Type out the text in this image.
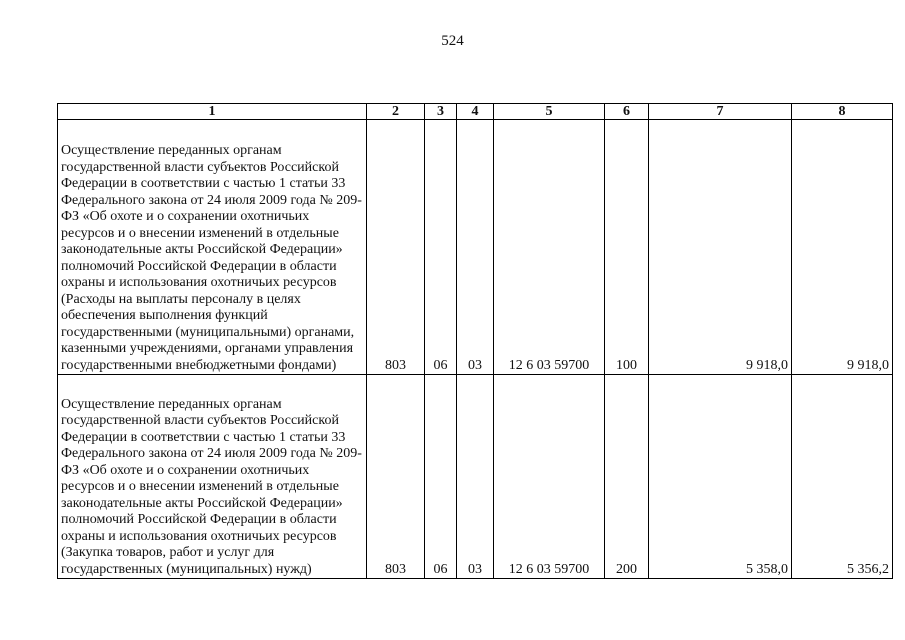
524
1	2	3	4	5	6	7	8
Осуществление переданных органам государственной власти субъектов Российской Федерации в соответствии с частью 1 статьи 33 Федерального закона от 24 июля 2009 года № 209-ФЗ «Об охоте и о сохранении охотничьих ресурсов и о внесении изменений в отдельные законодательные акты Российской Федерации» полномочий Российской Федерации в области охраны и использования охотничьих ресурсов (Расходы на выплаты персоналу в целях обеспечения выполнения функций государственными (муниципальными) органами, казенными учреждениями, органами управления государственными внебюджетными фондами)	803	06	03	12 6 03 59700	100	9 918,0	9 918,0
Осуществление переданных органам государственной власти субъектов Российской Федерации в соответствии с частью 1 статьи 33 Федерального закона от 24 июля 2009 года № 209-ФЗ «Об охоте и о сохранении охотничьих ресурсов и о внесении изменений в отдельные законодательные акты Российской Федерации» полномочий Российской Федерации в области охраны и использования охотничьих ресурсов (Закупка товаров, работ и услуг для государственных (муниципальных) нужд)	803	06	03	12 6 03 59700	200	5 358,0	5 356,2
